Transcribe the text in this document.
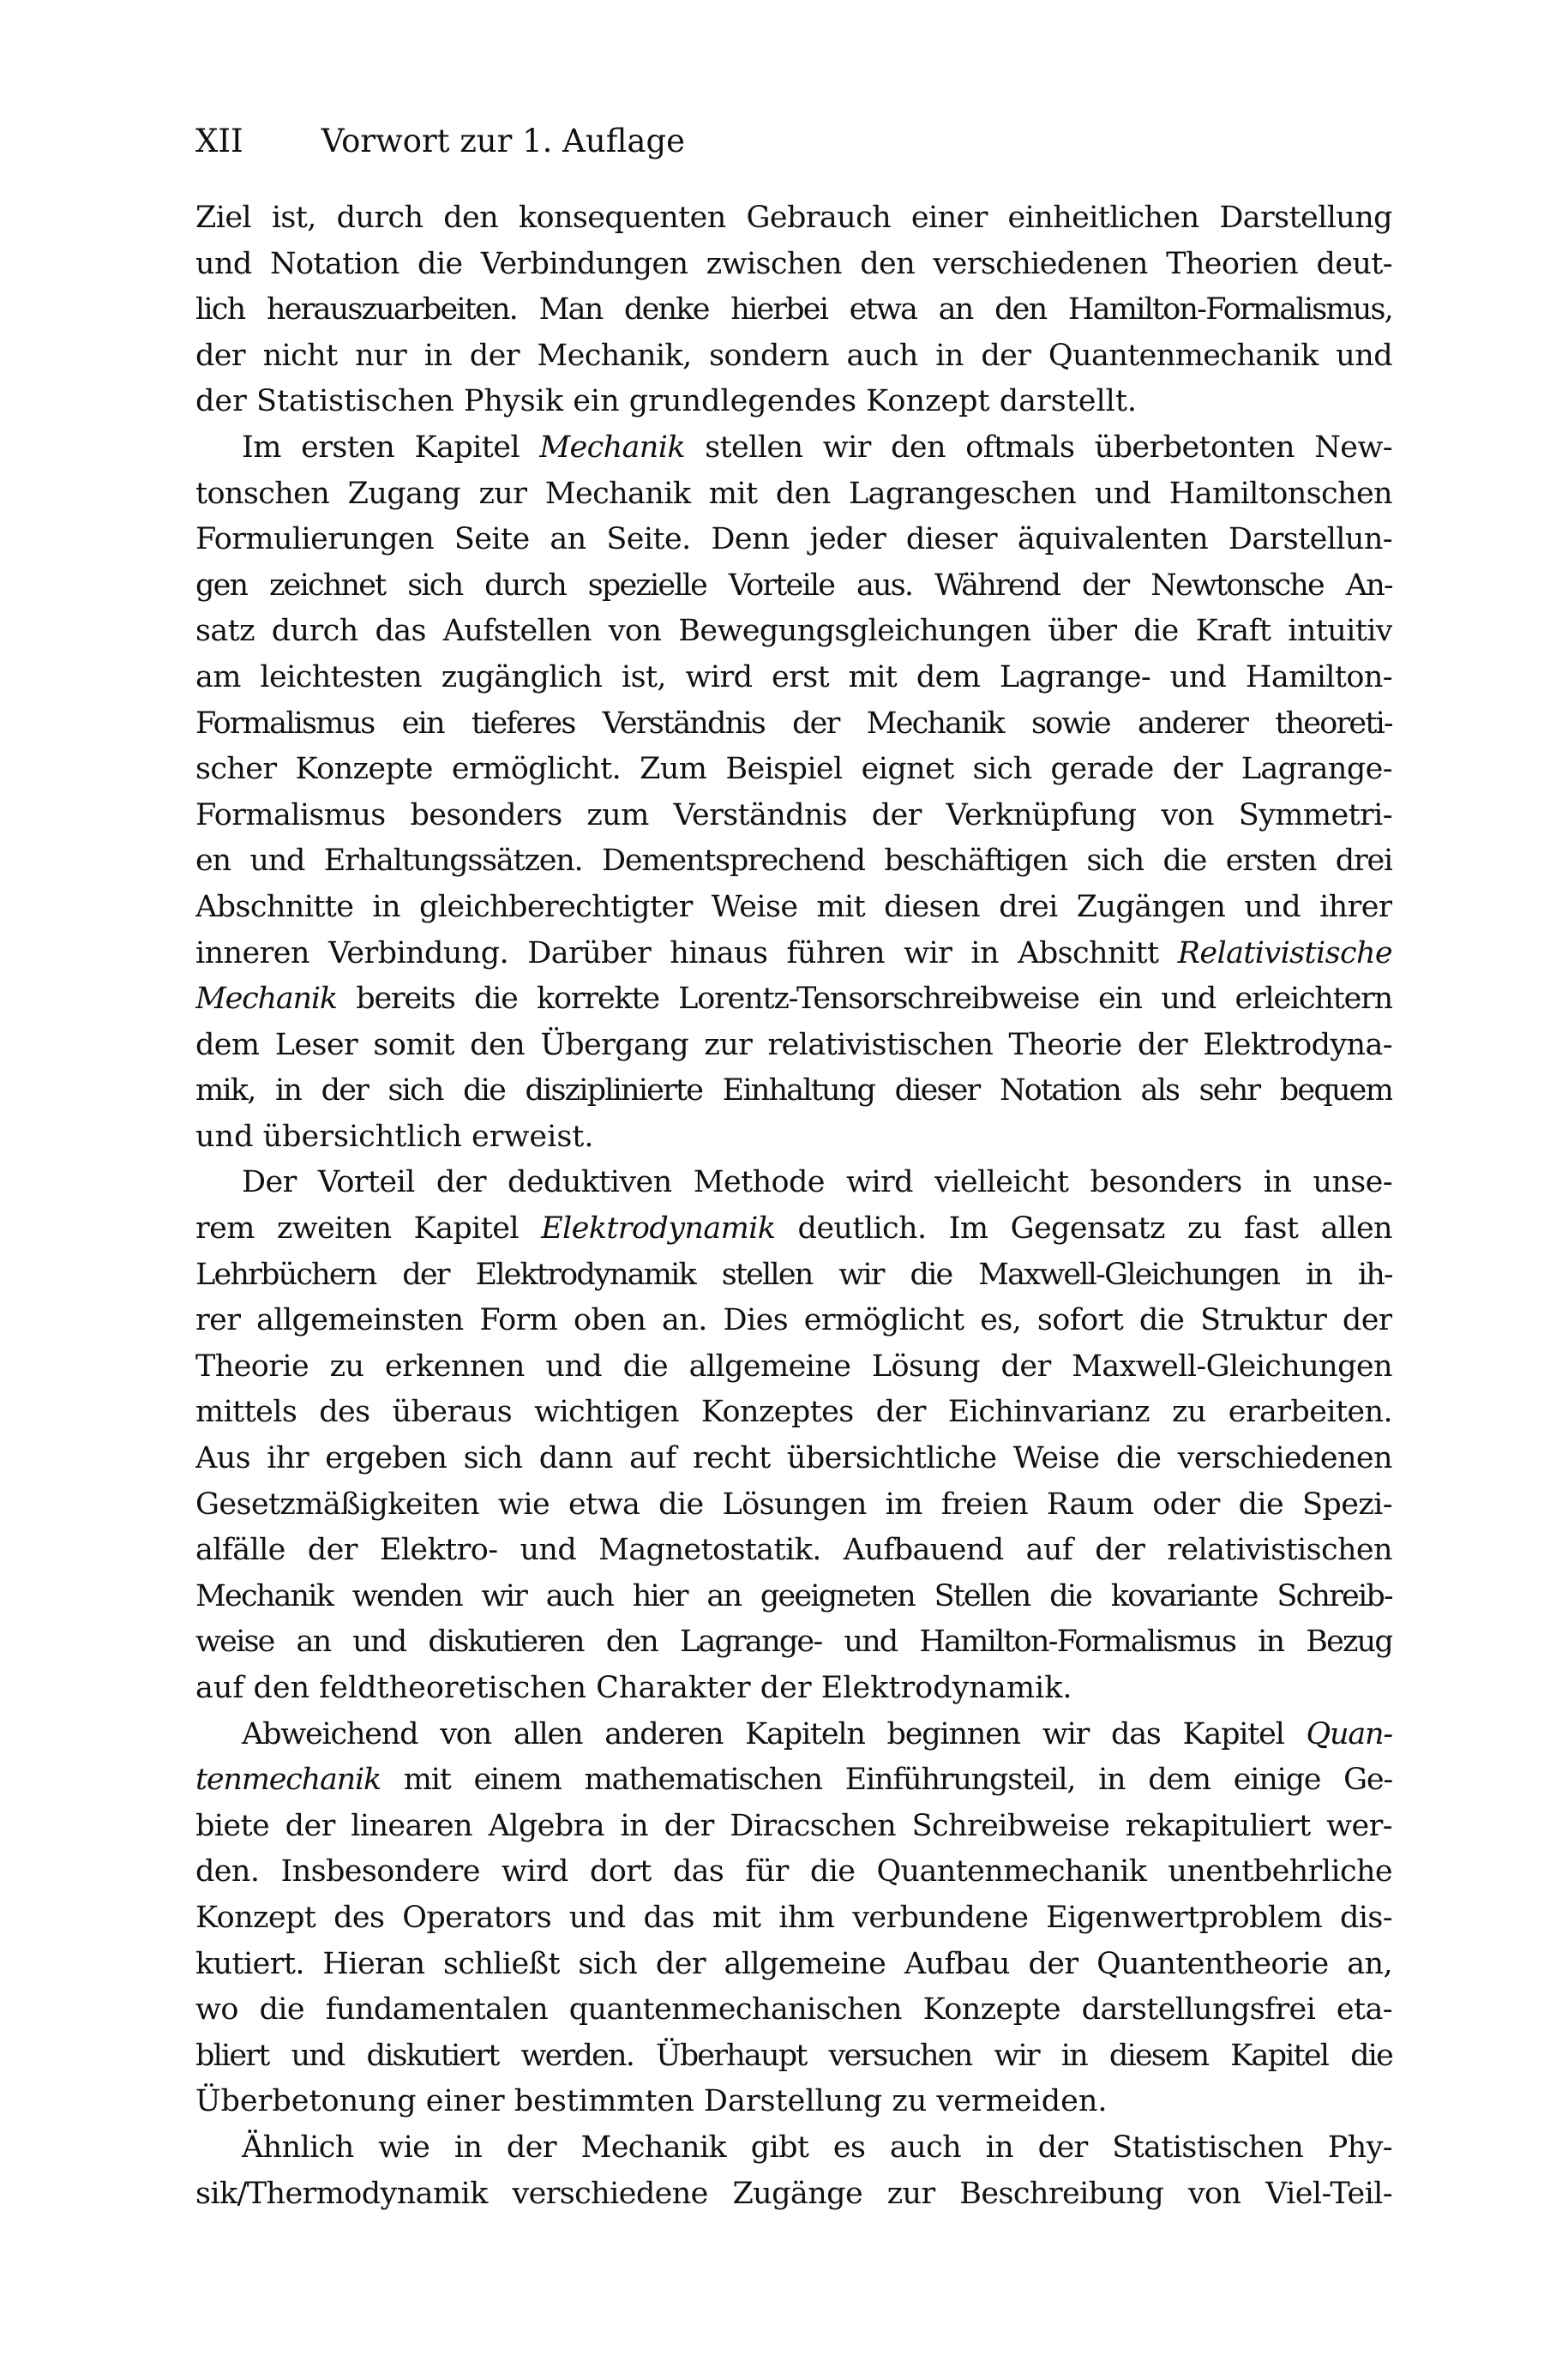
XII Vorwort zur 1. Auflage
Ziel ist, durch den konsequenten Gebrauch einer einheitlichen Darstellung
und Notation die Verbindungen zwischen den verschiedenen Theorien deut-
lich herauszuarbeiten. Man denke hierbei etwa an den Hamilton-Formalismus,
der nicht nur in der Mechanik, sondern auch in der Quantenmechanik und
der Statistischen Physik ein grundlegendes Konzept darstellt.
Im ersten Kapitel Mechanik stellen wir den oftmals überbetonten New-
tonschen Zugang zur Mechanik mit den Lagrangeschen und Hamiltonschen
Formulierungen Seite an Seite. Denn jeder dieser äquivalenten Darstellun-
gen zeichnet sich durch spezielle Vorteile aus. Während der Newtonsche An-
satz durch das Aufstellen von Bewegungsgleichungen über die Kraft intuitiv
am leichtesten zugänglich ist, wird erst mit dem Lagrange- und Hamilton-
Formalismus ein tieferes Verständnis der Mechanik sowie anderer theoreti-
scher Konzepte ermöglicht. Zum Beispiel eignet sich gerade der Lagrange-
Formalismus besonders zum Verständnis der Verknüpfung von Symmetri-
en und Erhaltungssätzen. Dementsprechend beschäftigen sich die ersten drei
Abschnitte in gleichberechtigter Weise mit diesen drei Zugängen und ihrer
inneren Verbindung. Darüber hinaus führen wir in Abschnitt Relativistische
Mechanik bereits die korrekte Lorentz-Tensorschreibweise ein und erleichtern
dem Leser somit den Übergang zur relativistischen Theorie der Elektrodyna-
mik, in der sich die disziplinierte Einhaltung dieser Notation als sehr bequem
und übersichtlich erweist.
Der Vorteil der deduktiven Methode wird vielleicht besonders in unse-
rem zweiten Kapitel Elektrodynamik deutlich. Im Gegensatz zu fast allen
Lehrbüchern der Elektrodynamik stellen wir die Maxwell-Gleichungen in ih-
rer allgemeinsten Form oben an. Dies ermöglicht es, sofort die Struktur der
Theorie zu erkennen und die allgemeine Lösung der Maxwell-Gleichungen
mittels des überaus wichtigen Konzeptes der Eichinvarianz zu erarbeiten.
Aus ihr ergeben sich dann auf recht übersichtliche Weise die verschiedenen
Gesetzmäßigkeiten wie etwa die Lösungen im freien Raum oder die Spezi-
alfälle der Elektro- und Magnetostatik. Aufbauend auf der relativistischen
Mechanik wenden wir auch hier an geeigneten Stellen die kovariante Schreib-
weise an und diskutieren den Lagrange- und Hamilton-Formalismus in Bezug
auf den feldtheoretischen Charakter der Elektrodynamik.
Abweichend von allen anderen Kapiteln beginnen wir das Kapitel Quan-
tenmechanik mit einem mathematischen Einführungsteil, in dem einige Ge-
biete der linearen Algebra in der Diracschen Schreibweise rekapituliert wer-
den. Insbesondere wird dort das für die Quantenmechanik unentbehrliche
Konzept des Operators und das mit ihm verbundene Eigenwertproblem dis-
kutiert. Hieran schließt sich der allgemeine Aufbau der Quantentheorie an,
wo die fundamentalen quantenmechanischen Konzepte darstellungsfrei eta-
bliert und diskutiert werden. Überhaupt versuchen wir in diesem Kapitel die
Überbetonung einer bestimmten Darstellung zu vermeiden.
Ähnlich wie in der Mechanik gibt es auch in der Statistischen Phy-
sik/Thermodynamik verschiedene Zugänge zur Beschreibung von Viel-Teil-
